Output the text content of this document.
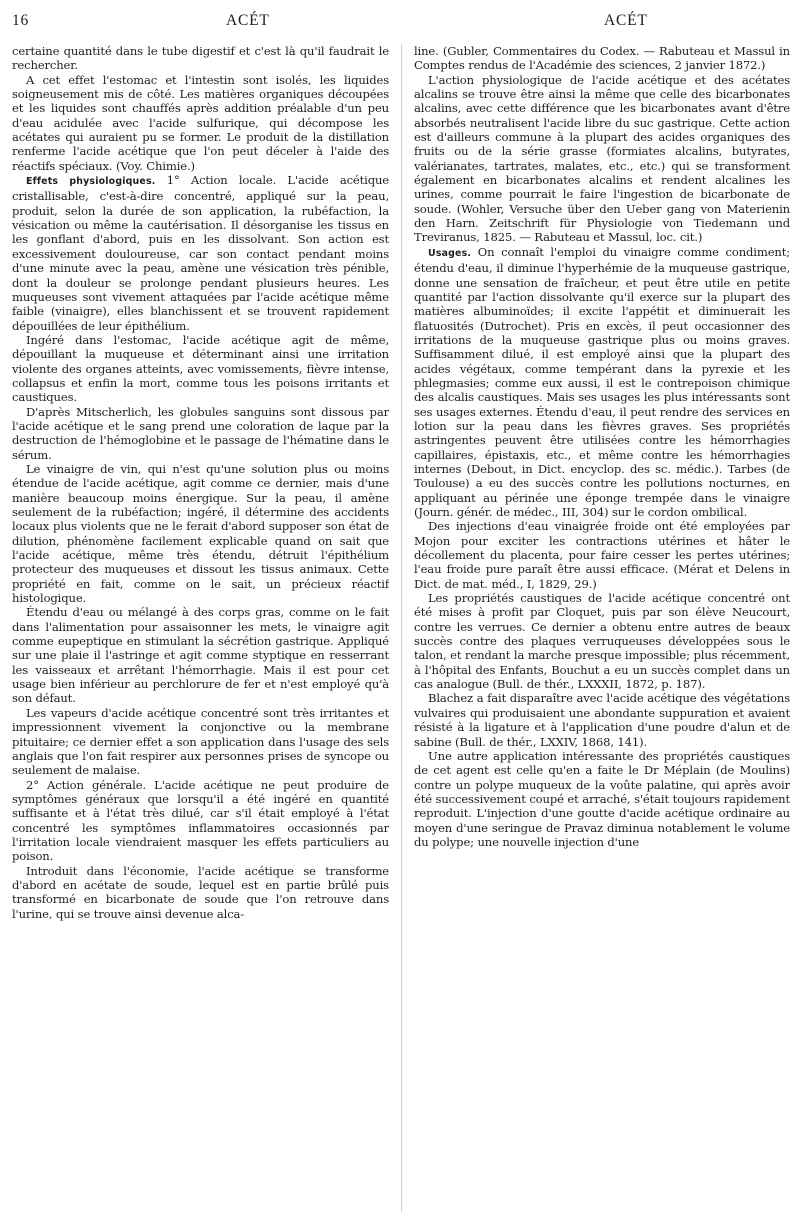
16	ACÉT	ACÉT

certaine quantité dans le tube digestif et c'est là qu'il faudrait le rechercher.

A cet effet l'estomac et l'intestin sont isolés, les liquides soigneusement mis de côté. Les matières organiques découpées et les liquides sont chauffés après addition préalable d'un peu d'eau acidulée avec l'acide sulfurique, qui décompose les acétates qui auraient pu se former. Le produit de la distillation renferme l'acide acétique que l'on peut déceler à l'aide des réactifs spéciaux. (Voy. Chimie.)

Effets physiologiques. 1° Action locale. L'acide acétique cristallisable, c'est-à-dire concentré, appliqué sur la peau, produit, selon la durée de son application, la rubéfaction, la vésication ou même la cautérisation. Il désorganise les tissus en les gonflant d'abord, puis en les dissolvant. Son action est excessivement douloureuse, car son contact pendant moins d'une minute avec la peau, amène une vésication très pénible, dont la douleur se prolonge pendant plusieurs heures. Les muqueuses sont vivement attaquées par l'acide acétique même faible (vinaigre), elles blanchissent et se trouvent rapidement dépouillées de leur épithélium.

Ingéré dans l'estomac, l'acide acétique agit de même, dépouillant la muqueuse et déterminant ainsi une irritation violente des organes atteints, avec vomissements, fièvre intense, collapsus et enfin la mort, comme tous les poisons irritants et caustiques.

D'après Mitscherlich, les globules sanguins sont dissous par l'acide acétique et le sang prend une coloration de laque par la destruction de l'hémoglobine et le passage de l'hématine dans le sérum.

Le vinaigre de vin, qui n'est qu'une solution plus ou moins étendue de l'acide acétique, agit comme ce dernier, mais d'une manière beaucoup moins énergique. Sur la peau, il amène seulement de la rubéfaction; ingéré, il détermine des accidents locaux plus violents que ne le ferait d'abord supposer son état de dilution, phénomène facilement explicable quand on sait que l'acide acétique, même très étendu, détruit l'épithélium protecteur des muqueuses et dissout les tissus animaux. Cette propriété en fait, comme on le sait, un précieux réactif histologique.

Étendu d'eau ou mélangé à des corps gras, comme on le fait dans l'alimentation pour assaisonner les mets, le vinaigre agit comme eupeptique en stimulant la sécrétion gastrique. Appliqué sur une plaie il l'astringe et agit comme styptique en resserrant les vaisseaux et arrêtant l'hémorrhagie. Mais il est pour cet usage bien inférieur au perchlorure de fer et n'est employé qu'à son défaut.

Les vapeurs d'acide acétique concentré sont très irritantes et impressionnent vivement la conjonctive ou la membrane pituitaire; ce dernier effet a son application dans l'usage des sels anglais que l'on fait respirer aux personnes prises de syncope ou seulement de malaise.

2° Action générale. L'acide acétique ne peut produire de symptômes généraux que lorsqu'il a été ingéré en quantité suffisante et à l'état très dilué, car s'il était employé à l'état concentré les symptômes inflammatoires occasionnés par l'irritation locale viendraient masquer les effets particuliers au poison.

Introduit dans l'économie, l'acide acétique se transforme d'abord en acétate de soude, lequel est en partie brûlé puis transformé en bicarbonate de soude que l'on retrouve dans l'urine, qui se trouve ainsi devenue alca-

line. (Gubler, Commentaires du Codex. — Rabuteau et Massul in Comptes rendus de l'Académie des sciences, 2 janvier 1872.)

L'action physiologique de l'acide acétique et des acétates alcalins se trouve être ainsi la même que celle des bicarbonates alcalins, avec cette différence que les bicarbonates avant d'être absorbés neutralisent l'acide libre du suc gastrique. Cette action est d'ailleurs commune à la plupart des acides organiques des fruits ou de la série grasse (formiates alcalins, butyrates, valérianates, tartrates, malates, etc., etc.) qui se transforment également en bicarbonates alcalins et rendent alcalines les urines, comme pourrait le faire l'ingestion de bicarbonate de soude. (Wohler, Versuche über den Ueber gang von Materienin den Harn. Zeitschrift für Physiologie von Tiedemann und Treviranus, 1825. — Rabuteau et Massul, loc. cit.)

Usages. On connaît l'emploi du vinaigre comme condiment; étendu d'eau, il diminue l'hyperhémie de la muqueuse gastrique, donne une sensation de fraîcheur, et peut être utile en petite quantité par l'action dissolvante qu'il exerce sur la plupart des matières albuminoïdes; il excite l'appétit et diminuerait les flatuosités (Dutrochet). Pris en excès, il peut occasionner des irritations de la muqueuse gastrique plus ou moins graves. Suffisamment dilué, il est employé ainsi que la plupart des acides végétaux, comme tempérant dans la pyrexie et les phlegmasies; comme eux aussi, il est le contrepoison chimique des alcalis caustiques. Mais ses usages les plus intéressants sont ses usages externes. Étendu d'eau, il peut rendre des services en lotion sur la peau dans les fièvres graves. Ses propriétés astringentes peuvent être utilisées contre les hémorrhagies capillaires, épistaxis, etc., et même contre les hémorrhagies internes (Debout, in Dict. encyclop. des sc. médic.). Tarbes (de Toulouse) a eu des succès contre les pollutions nocturnes, en appliquant au périnée une éponge trempée dans le vinaigre (Journ. génér. de médec., III, 304) sur le cordon ombilical.

Des injections d'eau vinaigrée froide ont été employées par Mojon pour exciter les contractions utérines et hâter le décollement du placenta, pour faire cesser les pertes utérines; l'eau froide pure paraît être aussi efficace. (Mérat et Delens in Dict. de mat. méd., I, 1829, 29.)

Les propriétés caustiques de l'acide acétique concentré ont été mises à profit par Cloquet, puis par son élève Neucourt, contre les verrues. Ce dernier a obtenu entre autres de beaux succès contre des plaques verruqueuses développées sous le talon, et rendant la marche presque impossible; plus récemment, à l'hôpital des Enfants, Bouchut a eu un succès complet dans un cas analogue (Bull. de thér., LXXXII, 1872, p. 187).

Blachez a fait disparaître avec l'acide acétique des végétations vulvaires qui produisaient une abondante suppuration et avaient résisté à la ligature et à l'application d'une poudre d'alun et de sabine (Bull. de thér., LXXIV, 1868, 141).

Une autre application intéressante des propriétés caustiques de cet agent est celle qu'en a faite le Dr Méplain (de Moulins) contre un polype muqueux de la voûte palatine, qui après avoir été successivement coupé et arraché, s'était toujours rapidement reproduit. L'injection d'une goutte d'acide acétique ordinaire au moyen d'une seringue de Pravaz diminua notablement le volume du polype; une nouvelle injection d'une
